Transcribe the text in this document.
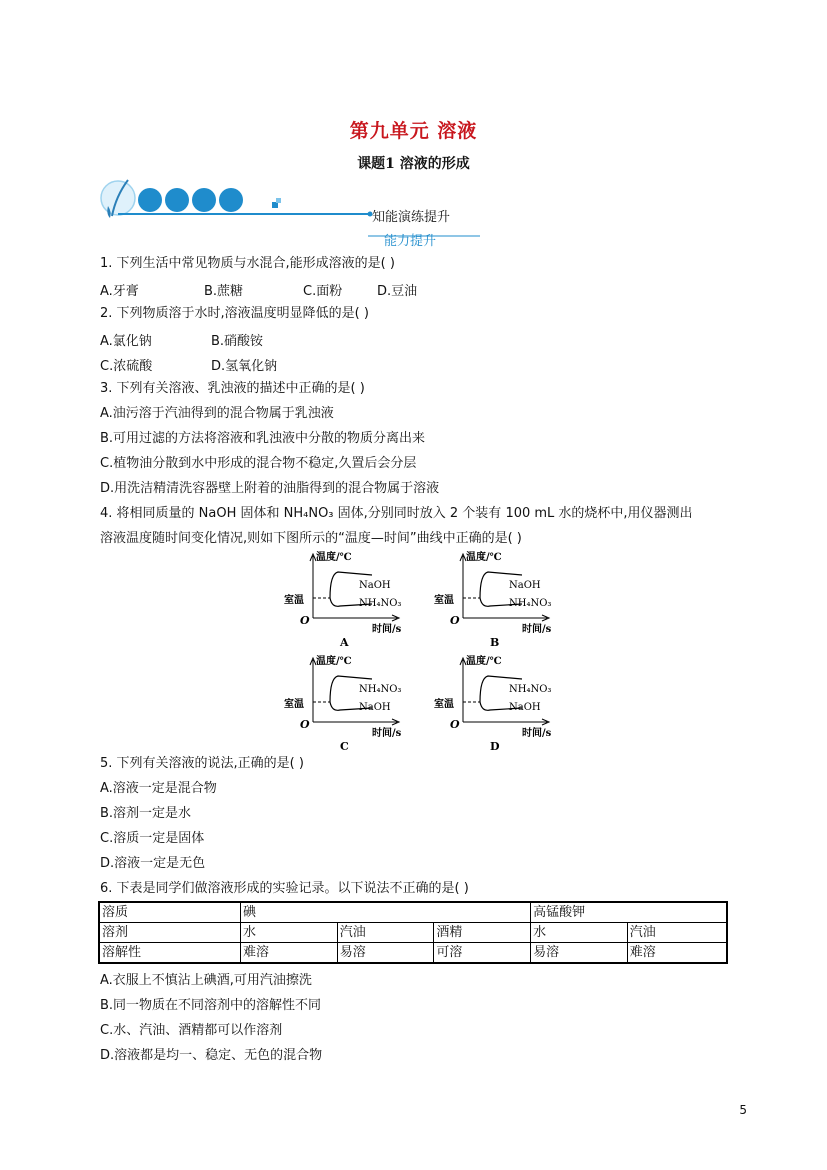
第九单元 溶液
课题1 溶液的形成
知能演练提升
能力提升
1. 下列生活中常见物质与水混合,能形成溶液的是( )
A.牙膏	B.蔗糖	C.面粉	D.豆油
2. 下列物质溶于水时,溶液温度明显降低的是( )
A.氯化钠	B.硝酸铵
C.浓硫酸	D.氢氧化钠
3. 下列有关溶液、乳浊液的描述中正确的是( )
A.油污溶于汽油得到的混合物属于乳浊液
B.可用过滤的方法将溶液和乳浊液中分散的物质分离出来
C.植物油分散到水中形成的混合物不稳定,久置后会分层
D.用洗洁精清洗容器壁上附着的油脂得到的混合物属于溶液
4. 将相同质量的 NaOH 固体和 NH₄NO₃ 固体,分别同时放入 2 个装有 100 mL 水的烧杯中,用仪器测出
溶液温度随时间变化情况,则如下图所示的“温度—时间”曲线中正确的是( )
温度/℃
室温
O
时间/s
NaOH
NH₄NO₃
A
温度/℃
室温
O
时间/s
NaOH
NH₄NO₃
B
温度/℃
室温
O
时间/s
NH₄NO₃
NaOH
C
温度/℃
室温
O
时间/s
NH₄NO₃
NaOH
D
5. 下列有关溶液的说法,正确的是( )
A.溶液一定是混合物
B.溶剂一定是水
C.溶质一定是固体
D.溶液一定是无色
6. 下表是同学们做溶液形成的实验记录。以下说法不正确的是( )
溶质	碘			高锰酸钾	
溶剂	水	汽油	酒精	水	汽油
溶解性	难溶	易溶	可溶	易溶	难溶
A.衣服上不慎沾上碘酒,可用汽油擦洗
B.同一物质在不同溶剂中的溶解性不同
C.水、汽油、酒精都可以作溶剂
D.溶液都是均一、稳定、无色的混合物
5
